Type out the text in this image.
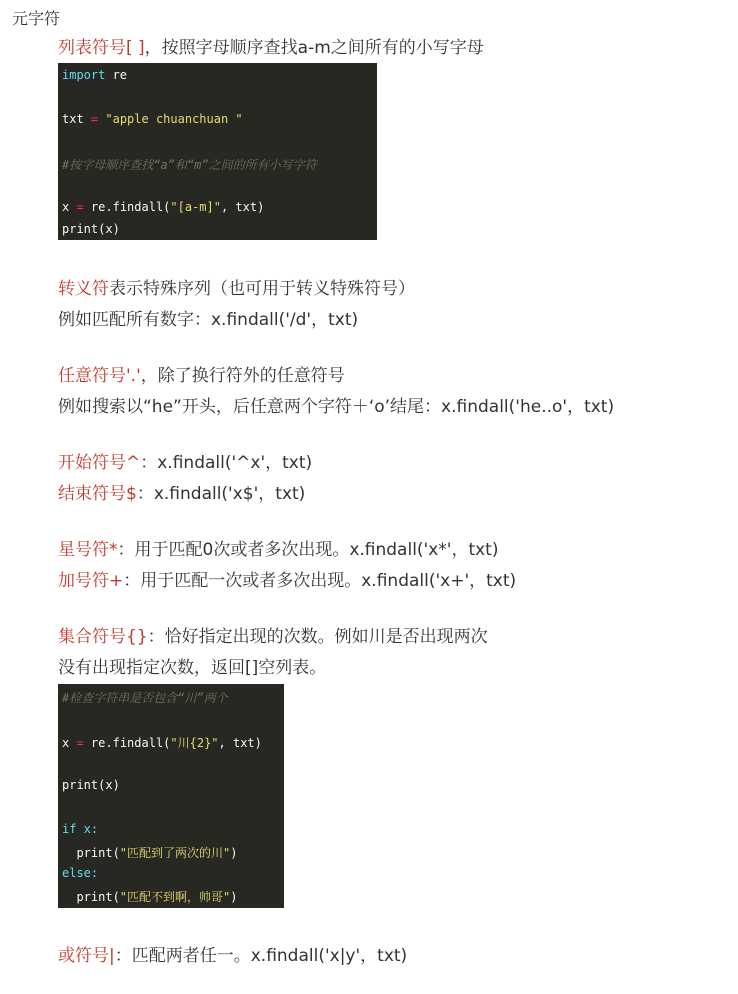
元字符
列表符号[ ]，按照字母顺序查找a-m之间所有的小写字母
import re
txt = "apple chuanchuan "
#按字母顺序查找“a”和“m”之间的所有小写字符
x = re.findall("[a-m]", txt)
print(x)
转义符表示特殊序列（也可用于转义特殊符号）
例如匹配所有数字：x.findall('/d'，txt)
任意符号'.'，除了换行符外的任意符号
例如搜索以“he”开头，后任意两个字符＋‘o’结尾：x.findall('he..o'，txt)
开始符号^：x.findall('^x'，txt)
结束符号$：x.findall('x$'，txt)
星号符*：用于匹配0次或者多次出现。x.findall('x*'，txt)
加号符+：用于匹配一次或者多次出现。x.findall('x+'，txt)
集合符号{}：恰好指定出现的次数。例如川是否出现两次
没有出现指定次数，返回[]空列表。
#检查字符串是否包含“川”两个
x = re.findall("川{2}", txt)
print(x)
if x:
print("匹配到了两次的川")
else:
print("匹配不到啊，帅哥")
或符号|：匹配两者任一。x.findall('x|y'，txt)
